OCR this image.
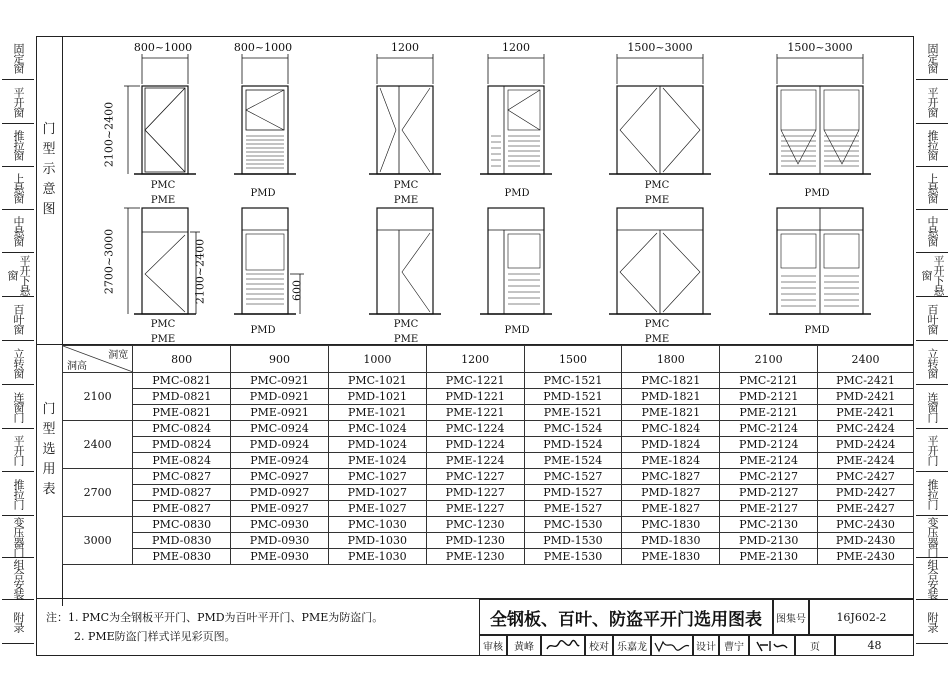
固定窗
平开窗
推拉窗
上悬窗
中悬窗
平开下悬窗
百叶窗
立转窗
连窗门
平开门
推拉门
变压器门
组合安装
附录
固定窗
平开窗
推拉窗
上悬窗
中悬窗
平开下悬窗
百叶窗
立转窗
连窗门
平开门
推拉门
变压器门
组合安装
附录
门
型
示
意
图
门
型
选
用
表
800~1000	800~1000	1200	1200	1500~3000	1500~3000
2100~2400
2700~3000	2100~2400	600
PMC
PME
PMD
PMC
PME
PMD
PMC
PME
PMD
PMC
PME
PMD
PMC
PME
PMD
PMC
PME
PMD
洞宽
洞高	800	900	1000	1200	1500	1800	2100	2400
2100	PMC-0821	PMC-0921	PMC-1021	PMC-1221	PMC-1521	PMC-1821	PMC-2121	PMC-2421
	PMD-0821	PMD-0921	PMD-1021	PMD-1221	PMD-1521	PMD-1821	PMD-2121	PMD-2421
	PME-0821	PME-0921	PME-1021	PME-1221	PME-1521	PME-1821	PME-2121	PME-2421
2400	PMC-0824	PMC-0924	PMC-1024	PMC-1224	PMC-1524	PMC-1824	PMC-2124	PMC-2424
	PMD-0824	PMD-0924	PMD-1024	PMD-1224	PMD-1524	PMD-1824	PMD-2124	PMD-2424
	PME-0824	PME-0924	PME-1024	PME-1224	PME-1524	PME-1824	PME-2124	PME-2424
2700	PMC-0827	PMC-0927	PMC-1027	PMC-1227	PMC-1527	PMC-1827	PMC-2127	PMC-2427
	PMD-0827	PMD-0927	PMD-1027	PMD-1227	PMD-1527	PMD-1827	PMD-2127	PMD-2427
	PME-0827	PME-0927	PME-1027	PME-1227	PME-1527	PME-1827	PME-2127	PME-2427
3000	PMC-0830	PMC-0930	PMC-1030	PMC-1230	PMC-1530	PMC-1830	PMC-2130	PMC-2430
	PMD-0830	PMD-0930	PMD-1030	PMD-1230	PMD-1530	PMD-1830	PMD-2130	PMD-2430
	PME-0830	PME-0930	PME-1030	PME-1230	PME-1530	PME-1830	PME-2130	PME-2430
注：1. PMC为全钢板平开门、PMD为百叶平开门、PME为防盗门。
2. PME防盗门样式详见彩页图。
全钢板、百叶、防盗平开门选用图表	图集号	16J602-2
审核	黄峰	校对 乐嘉龙	设计 曹宁	页	48
